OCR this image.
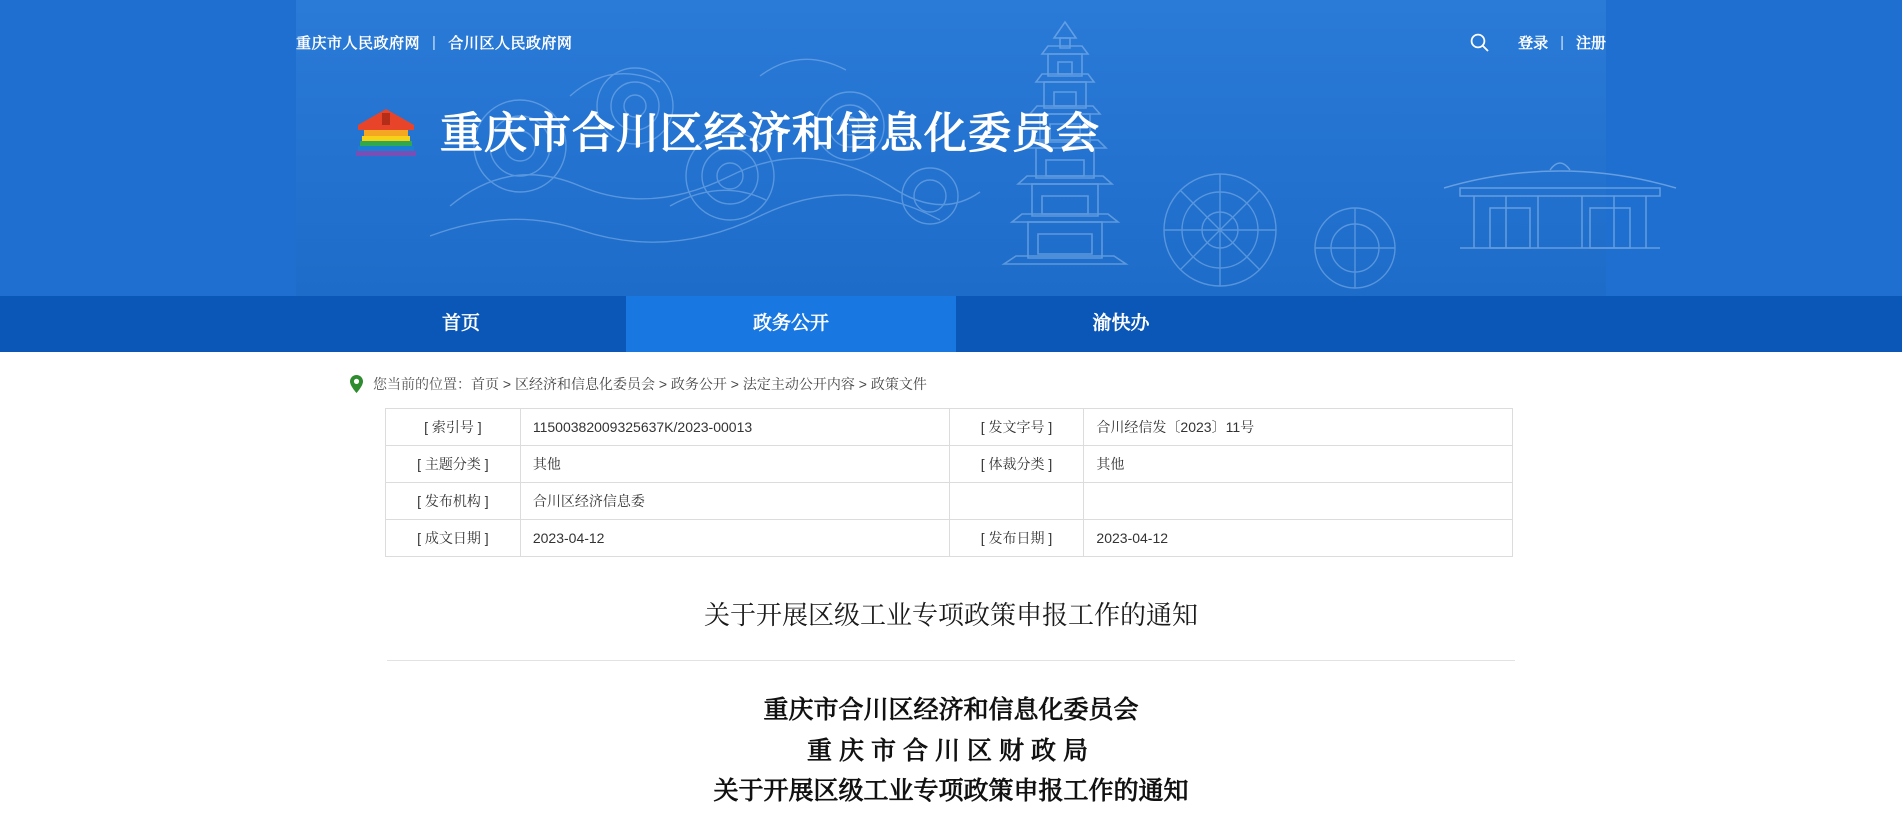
重庆市人民政府网 | 合川区人民政府网	登录 | 注册
重庆市合川区经济和信息化委员会
首页	政务公开	渝快办
您当前的位置： 首页 > 区经济和信息化委员会 > 政务公开 > 法定主动公开内容 > 政策文件
[ 索引号 ]	11500382009325637K/2023-00013	[ 发文字号 ]	合川经信发〔2023〕11号
[ 主题分类 ]	其他	[ 体裁分类 ]	其他
[ 发布机构 ]	合川区经济信息委		
[ 成文日期 ]	2023-04-12	[ 发布日期 ]	2023-04-12
关于开展区级工业专项政策申报工作的通知
重庆市合川区经济和信息化委员会
重庆市合川区财政局
关于开展区级工业专项政策申报工作的通知
